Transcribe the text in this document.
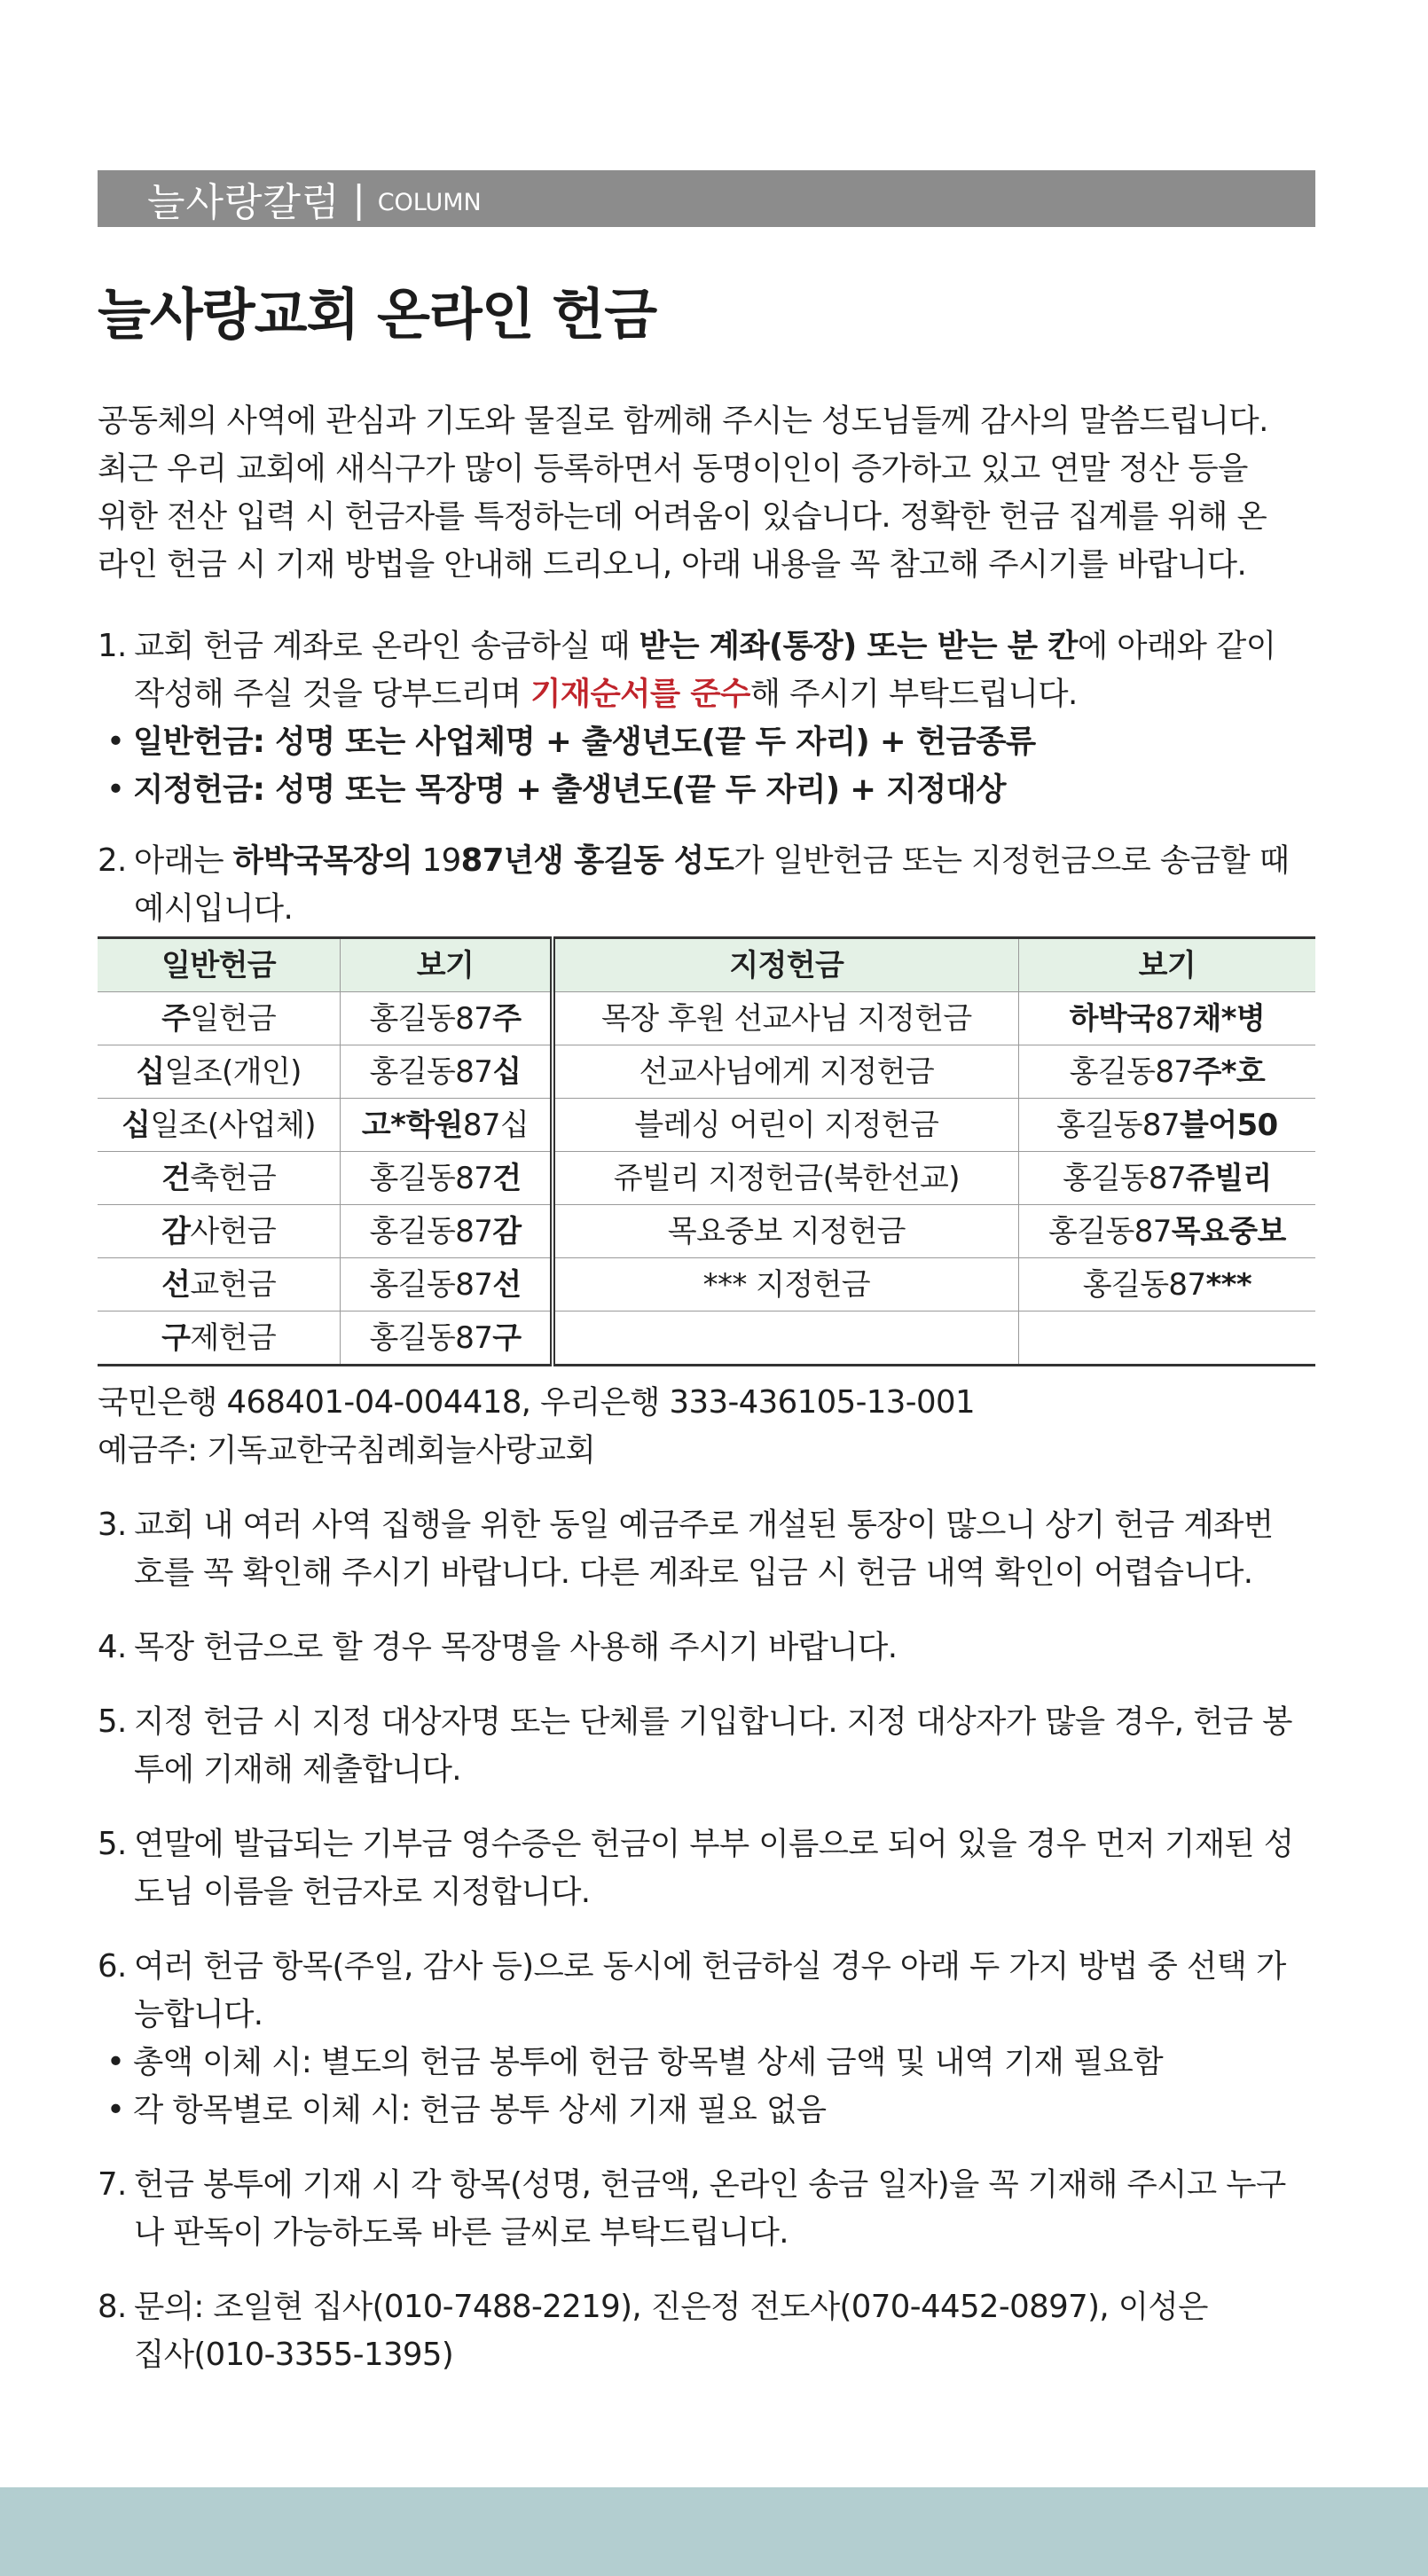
늘사랑칼럼 | COLUMN
늘사랑교회 온라인 헌금

공동체의 사역에 관심과 기도와 물질로 함께해 주시는 성도님들께 감사의 말씀드립니다.

최근 우리 교회에 새식구가 많이 등록하면서 동명이인이 증가하고 있고 연말 정산 등을

위한 전산 입력 시 헌금자를 특정하는데 어려움이 있습니다. 정확한 헌금 집계를 위해 온

라인 헌금 시 기재 방법을 안내해 드리오니, 아래 내용을 꼭 참고해 주시기를 바랍니다.

1. 교회 헌금 계좌로 온라인 송금하실 때 받는 계좌(통장) 또는 받는 분 칸에 아래와 같이

작성해 주실 것을 당부드리며 기재순서를 준수해 주시기 부탁드립니다.

• 일반헌금: 성명 또는 사업체명 + 출생년도(끝 두 자리) + 헌금종류
• 지정헌금: 성명 또는 목장명 + 출생년도(끝 두 자리) + 지정대상
2. 아래는 하박국목장의 1987년생 홍길동 성도가 일반헌금 또는 지정헌금으로 송금할 때

예시입니다.

일반헌금	보기	지정헌금	보기
주일헌금	홍길동87주	목장 후원 선교사님 지정헌금	하박국87채*병
십일조(개인)	홍길동87십	선교사님에게 지정헌금	홍길동87주*호
십일조(사업체)	고*학원87십	블레싱 어린이 지정헌금	홍길동87블어50
건축헌금	홍길동87건	쥬빌리 지정헌금(북한선교)	홍길동87쥬빌리
감사헌금	홍길동87감	목요중보 지정헌금	홍길동87목요중보
선교헌금	홍길동87선	*** 지정헌금	홍길동87***
구제헌금	홍길동87구		

국민은행 468401-04-004418, 우리은행 333-436105-13-001

예금주: 기독교한국침례회늘사랑교회

3. 교회 내 여러 사역 집행을 위한 동일 예금주로 개설된 통장이 많으니 상기 헌금 계좌번

호를 꼭 확인해 주시기 바랍니다. 다른 계좌로 입금 시 헌금 내역 확인이 어렵습니다.

4. 목장 헌금으로 할 경우 목장명을 사용해 주시기 바랍니다.

5. 지정 헌금 시 지정 대상자명 또는 단체를 기입합니다. 지정 대상자가 많을 경우, 헌금 봉

투에 기재해 제출합니다.

5. 연말에 발급되는 기부금 영수증은 헌금이 부부 이름으로 되어 있을 경우 먼저 기재된 성

도님 이름을 헌금자로 지정합니다.

6. 여러 헌금 항목(주일, 감사 등)으로 동시에 헌금하실 경우 아래 두 가지 방법 중 선택 가

능합니다.

• 총액 이체 시: 별도의 헌금 봉투에 헌금 항목별 상세 금액 및 내역 기재 필요함
• 각 항목별로 이체 시: 헌금 봉투 상세 기재 필요 없음
7. 헌금 봉투에 기재 시 각 항목(성명, 헌금액, 온라인 송금 일자)을 꼭 기재해 주시고 누구

나 판독이 가능하도록 바른 글씨로 부탁드립니다.

8. 문의: 조일현 집사(010-7488-2219), 진은정 전도사(070-4452-0897), 이성은

집사(010-3355-1395)
